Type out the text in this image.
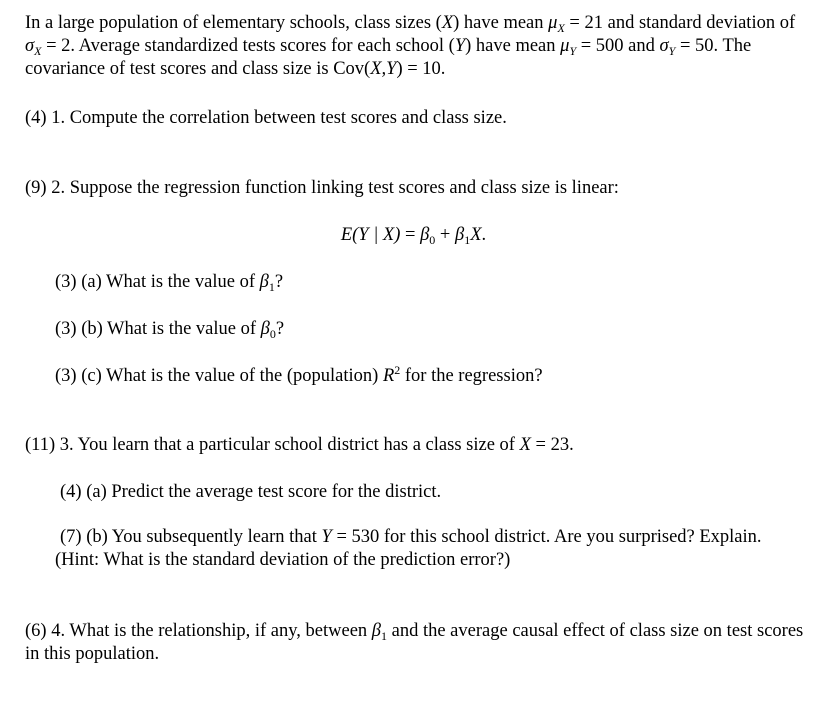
In a large population of elementary schools, class sizes (X) have mean $\mu_X = 21$ and standard deviation of $\sigma_X = 2$. Average standardized tests scores for each school (Y) have mean $\mu_Y = 500$ and $\sigma_Y = 50$. The covariance of test scores and class size is Cov(X,Y) = 10.

(4) 1. Compute the correlation between test scores and class size.

(9) 2. Suppose the regression function linking test scores and class size is linear:

E(Y | $X) = \beta_0 + \beta_1X$.

(3) (a) What is the value of $\beta_1$?

(3) (b) What is the value of $\beta_0$?

(3) (c) What is the value of the (population) $R^2$ for the regression?

(11) 3. You learn that a particular school district has a class size of X = 23.

(4) (a) Predict the average test score for the district.

(7) (b) You subsequently learn that Y = 530 for this school district. Are you surprised? Explain. (Hint: What is the standard deviation of the prediction error?)

(6) 4. What is the relationship, if any, between $\beta_1$ and the average causal effect of class size on test scores in this population.
